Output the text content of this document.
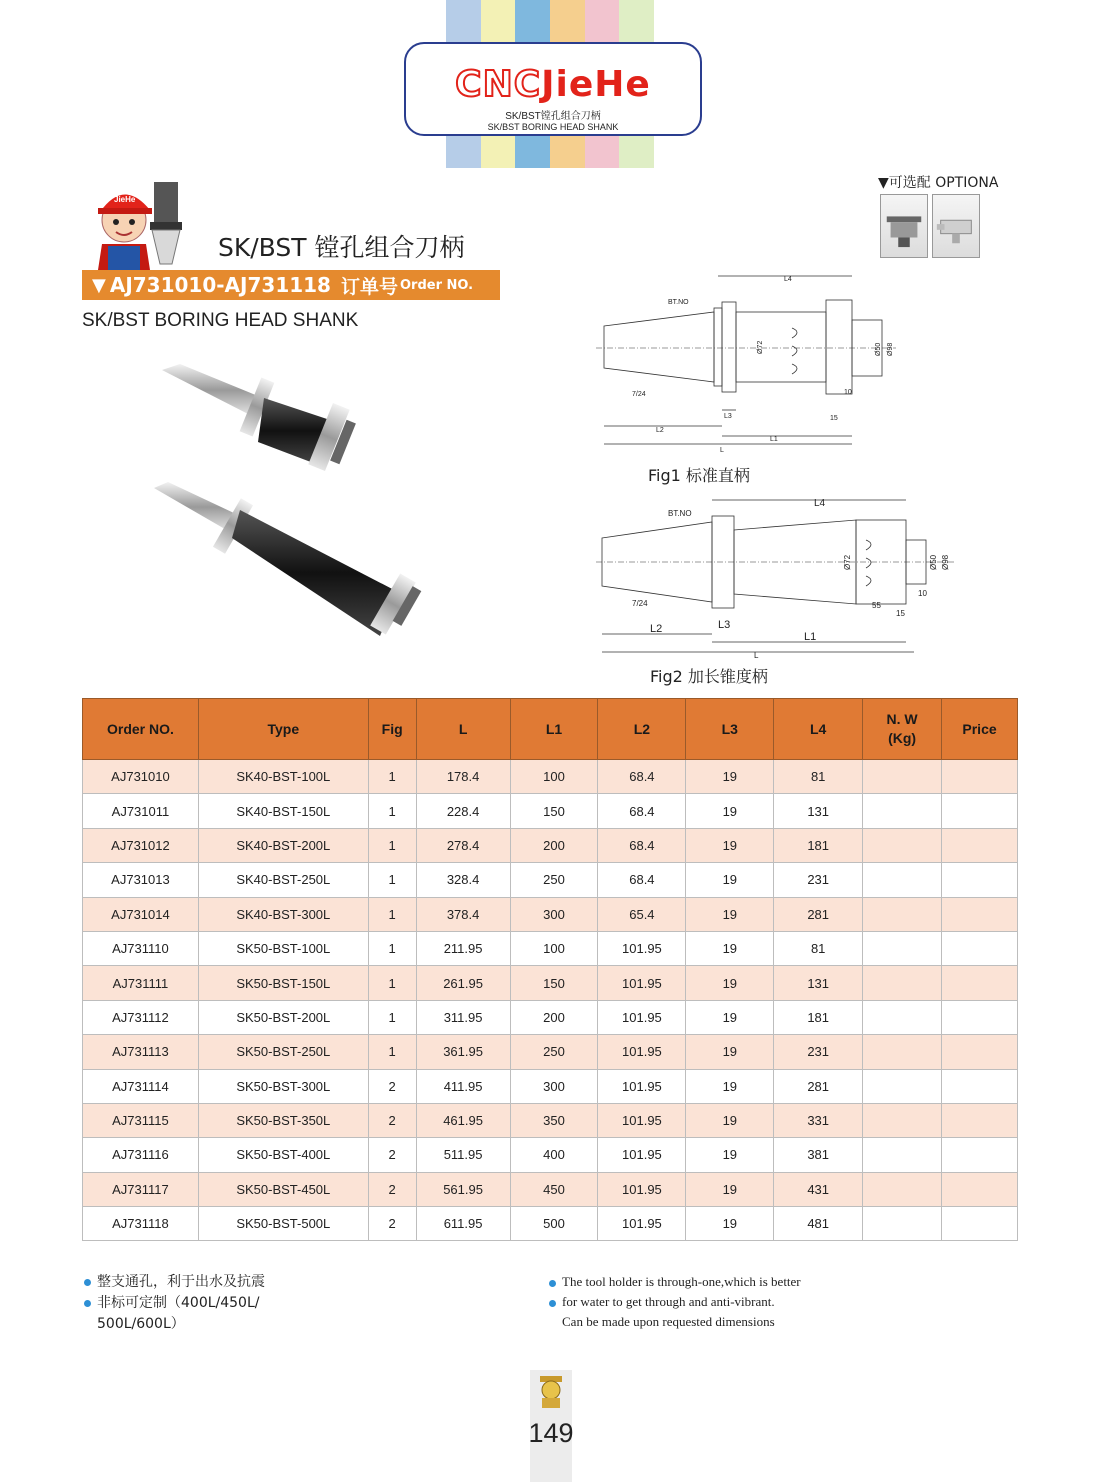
CNCJieHe
SK/BST镗孔组合刀柄
SK/BST BORING HEAD SHANK
JieHe
SK/BST 镗孔组合刀柄
▼ AJ731010-AJ731118 订单号 Order NO.
SK/BST BORING HEAD SHANK
▼可选配 OPTIONA
L4
BT.NO
7/24
L2
L1
L
L3
Ø72	Ø50 Ø98
10
15
Fig1 标准直柄
L4
BT.NO
7/24
L2	L3
L1
L
Ø72	Ø50 Ø98
55
15
10
Fig2 加长锥度柄
Order NO.	Type	Fig	L	L1	L2	L3	L4	N. W
(Kg)	Price
AJ731010	SK40-BST-100L	1	178.4	100	68.4	19	81		
AJ731011	SK40-BST-150L	1	228.4	150	68.4	19	131		
AJ731012	SK40-BST-200L	1	278.4	200	68.4	19	181		
AJ731013	SK40-BST-250L	1	328.4	250	68.4	19	231		
AJ731014	SK40-BST-300L	1	378.4	300	65.4	19	281		
AJ731110	SK50-BST-100L	1	211.95	100	101.95	19	81		
AJ731111	SK50-BST-150L	1	261.95	150	101.95	19	131		
AJ731112	SK50-BST-200L	1	311.95	200	101.95	19	181		
AJ731113	SK50-BST-250L	1	361.95	250	101.95	19	231		
AJ731114	SK50-BST-300L	2	411.95	300	101.95	19	281		
AJ731115	SK50-BST-350L	2	461.95	350	101.95	19	331		
AJ731116	SK50-BST-400L	2	511.95	400	101.95	19	381		
AJ731117	SK50-BST-450L	2	561.95	450	101.95	19	431		
AJ731118	SK50-BST-500L	2	611.95	500	101.95	19	481		
整支通孔，利于出水及抗震
非标可定制（400L/450L/
500L/600L）
The tool holder is through-one,which is better
for water to get through and anti-vibrant.
Can be made upon requested dimensions
149
